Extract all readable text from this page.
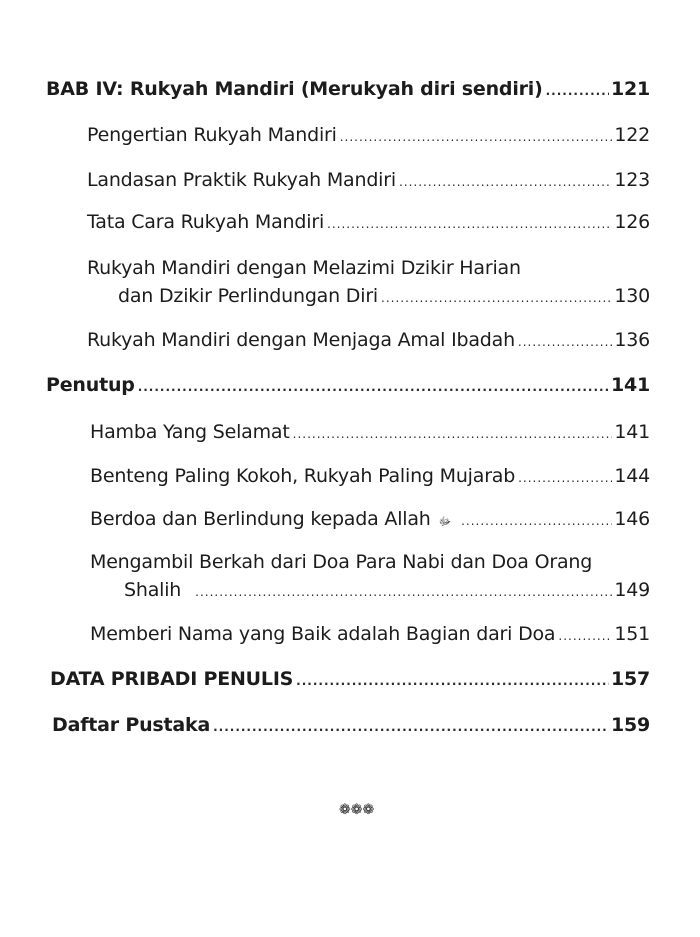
BAB IV: Rukyah Mandiri (Merukyah diri sendiri) .....	121
Pengertian Rukyah Mandiri .....	122
Landasan Praktik Rukyah Mandiri .....	123
Tata Cara Rukyah Mandiri .....	126
Rukyah Mandiri dengan Melazimi Dzikir Harian
dan Dzikir Perlindungan Diri .....	130
Rukyah Mandiri dengan Menjaga Amal Ibadah .....	136
Penutup .....	141
Hamba Yang Selamat .....	141
Benteng Paling Kokoh, Rukyah Paling Mujarab .....	144
Berdoa dan Berlindung kepada Allah ﷻ .....	146
Mengambil Berkah dari Doa Para Nabi dan Doa Orang
Shalih .....	149
Memberi Nama yang Baik adalah Bagian dari Doa .....	151
DATA PRIBADI PENULIS .....	157
Daftar Pustaka .....	159
❁❁❁
